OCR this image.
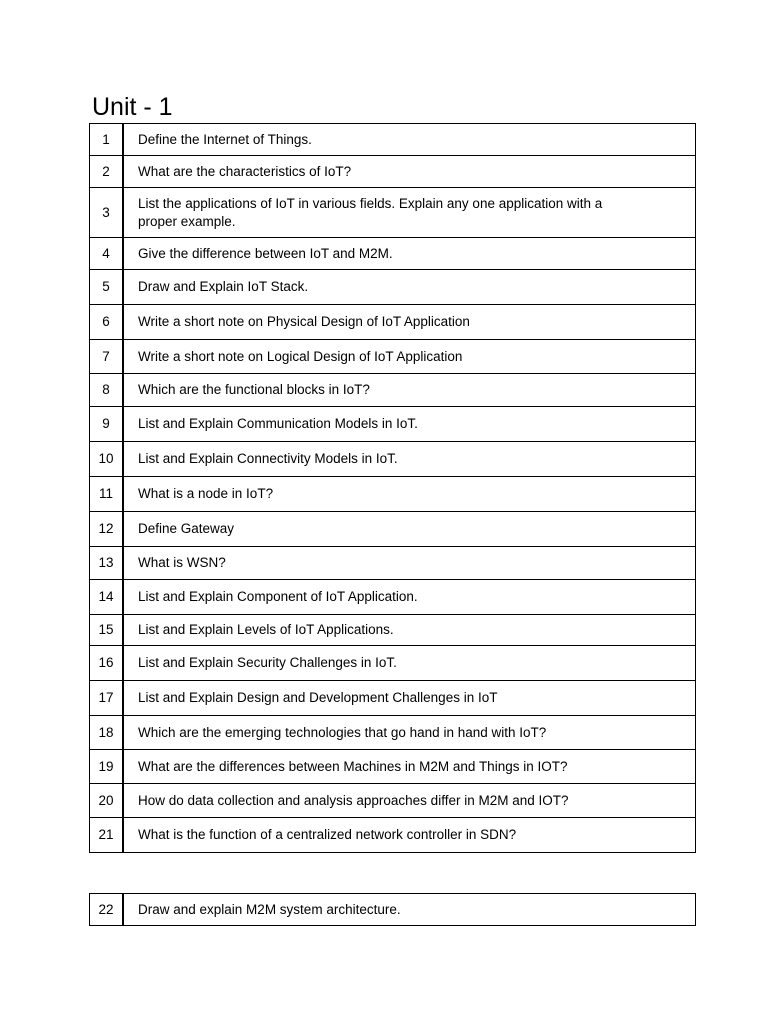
Unit - 1
1	Define the Internet of Things.
2	What are the characteristics of IoT?
3	List the applications of IoT in various fields. Explain any one application with a proper example.
4	Give the difference between IoT and M2M.
5	Draw and Explain IoT Stack.
6	Write a short note on Physical Design of IoT Application
7	Write a short note on Logical Design of IoT Application
8	Which are the functional blocks in IoT?
9	List and Explain Communication Models in IoT.
10	List and Explain Connectivity Models in IoT.
11	What is a node in IoT?
12	Define Gateway
13	What is WSN?
14	List and Explain Component of IoT Application.
15	List and Explain Levels of IoT Applications.
16	List and Explain Security Challenges in IoT.
17	List and Explain Design and Development Challenges in IoT
18	Which are the emerging technologies that go hand in hand with IoT?
19	What are the differences between Machines in M2M and Things in IOT?
20	How do data collection and analysis approaches differ in M2M and IOT?
21	What is the function of a centralized network controller in SDN?
22	Draw and explain M2M system architecture.
